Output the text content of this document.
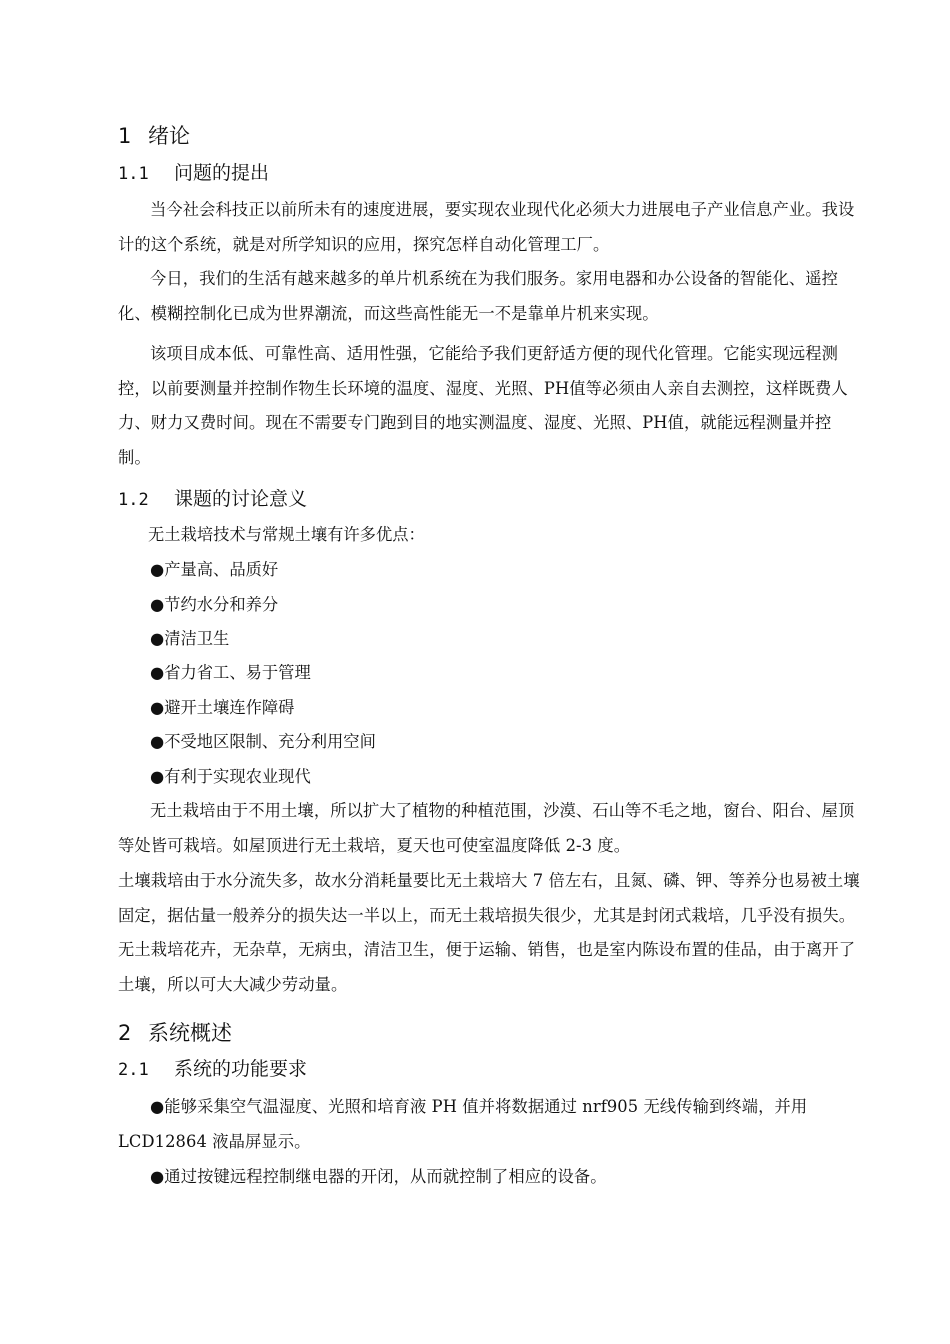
1 绪论
1.1 问题的提出

当今社会科技正以前所未有的速度进展，要实现农业现代化必须大力进展电子产业信息产业。我设计的这个系统，就是对所学知识的应用，探究怎样自动化管理工厂。

今日，我们的生活有越来越多的单片机系统在为我们服务。家用电器和办公设备的智能化、遥控化、模糊控制化已成为世界潮流，而这些高性能无一不是靠单片机来实现。

该项目成本低、可靠性高、适用性强，它能给予我们更舒适方便的现代化管理。它能实现远程测控，以前要测量并控制作物生长环境的温度、湿度、光照、PH值等必须由人亲自去测控，这样既费人力、财力又费时间。现在不需要专门跑到目的地实测温度、湿度、光照、PH值，就能远程测量并控制。

1.2 课题的讨论意义
无土栽培技术与常规土壤有许多优点：
●产量高、品质好
●节约水分和养分
●清洁卫生
●省力省工、易于管理
●避开土壤连作障碍
●不受地区限制、充分利用空间
●有利于实现农业现代

无土栽培由于不用土壤，所以扩大了植物的种植范围，沙漠、石山等不毛之地，窗台、阳台、屋顶等处皆可栽培。如屋顶进行无土栽培，夏天也可使室温度降低 2-3 度。

土壤栽培由于水分流失多，故水分消耗量要比无土栽培大 7 倍左右，且氮、磷、钾、等养分也易被土壤固定，据估量一般养分的损失达一半以上，而无土栽培损失很少，尤其是封闭式栽培，几乎没有损失。无土栽培花卉，无杂草，无病虫，清洁卫生，便于运输、销售，也是室内陈设布置的佳品，由于离开了土壤，所以可大大减少劳动量。

2 系统概述
2.1 系统的功能要求

●能够采集空气温湿度、光照和培育液 PH 值并将数据通过 nrf905 无线传输到终端，并用 LCD12864 液晶屏显示。

●通过按键远程控制继电器的开闭，从而就控制了相应的设备。
